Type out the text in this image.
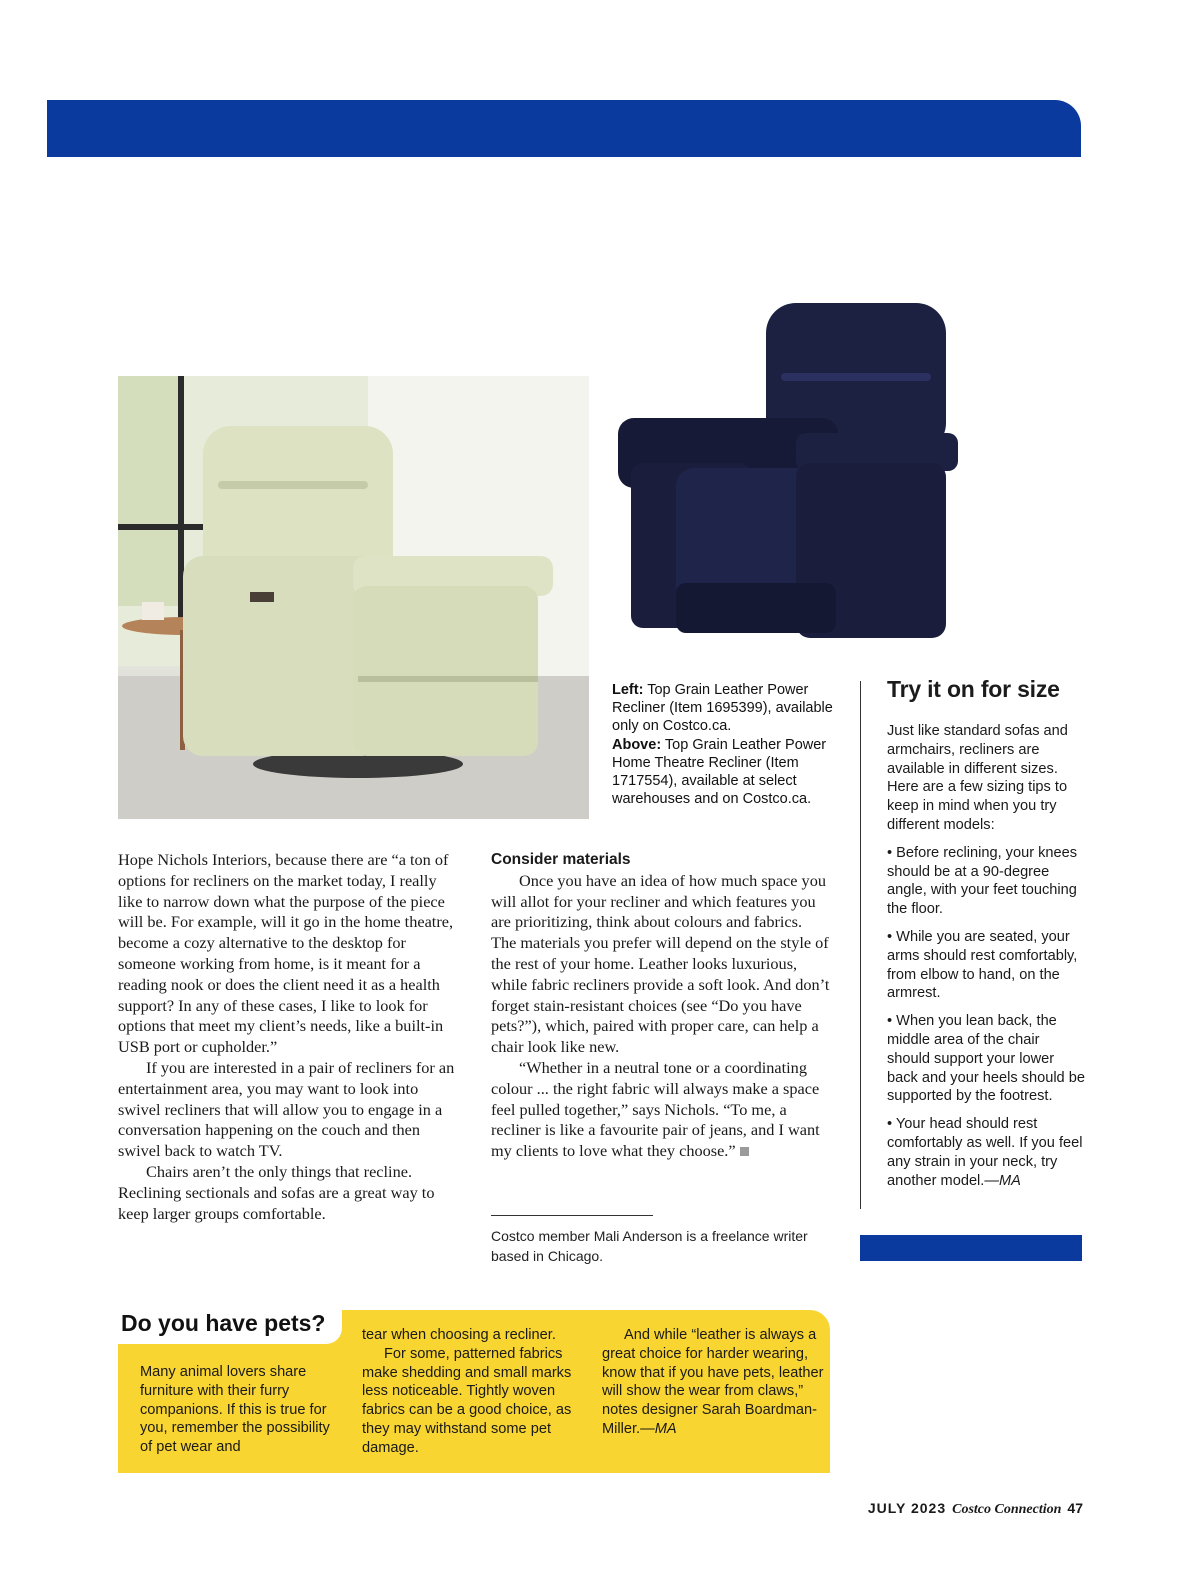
Left: Top Grain Leather Power Recliner (Item 1695399), available only on Costco.ca.
Above: Top Grain Leather Power Home Theatre Recliner (Item 1717554), available at select warehouses and on Costco.ca.

Hope Nichols Interiors, because there are “a ton of options for recliners on the market today, I really like to narrow down what the purpose of the piece will be. For example, will it go in the home theatre, become a cozy alternative to the desktop for someone working from home, is it meant for a reading nook or does the client need it as a health support? In any of these cases, I like to look for options that meet my client’s needs, like a built-in USB port or cupholder.”

If you are interested in a pair of recliners for an entertainment area, you may want to look into swivel recliners that will allow you to engage in a conversation happening on the couch and then swivel back to watch TV.

Chairs aren’t the only things that recline. Reclining sectionals and sofas are a great way to keep larger groups comfortable.

Consider materials

Once you have an idea of how much space you will allot for your recliner and which features you are prioritizing, think about colours and fabrics. The materials you prefer will depend on the style of the rest of your home. Leather looks luxurious, while fabric recliners provide a soft look. And don’t forget stain-resistant choices (see “Do you have pets?”), which, paired with proper care, can help a chair look like new.

“Whether in a neutral tone or a coordinating colour ... the right fabric will always make a space feel pulled together,” says Nichols. “To me, a recliner is like a favourite pair of jeans, and I want my clients to love what they choose.”

Costco member Mali Anderson is a freelance writer based in Chicago.
Try it on for size

Just like standard sofas and armchairs, recliners are available in different sizes. Here are a few sizing tips to keep in mind when you try different models:

• Before reclining, your knees should be at a 90-degree angle, with your feet touching the floor.

• While you are seated, your arms should rest comfortably, from elbow to hand, on the armrest.

• When you lean back, the middle area of the chair should support your lower back and your heels should be supported by the footrest.

• Your head should rest comfortably as well. If you feel any strain in your neck, try another model.—MA

Do you have pets?

Many animal lovers share furniture with their furry companions. If this is true for you, remember the possibility of pet wear and

tear when choosing a recliner.

For some, patterned fabrics make shedding and small marks less noticeable. Tightly woven fabrics can be a good choice, as they may withstand some pet damage.

And while “leather is always a great choice for harder wearing, know that if you have pets, leather will show the wear from claws,” notes designer Sarah Boardman-Miller.—MA

JULY 2023 Costco Connection 47
